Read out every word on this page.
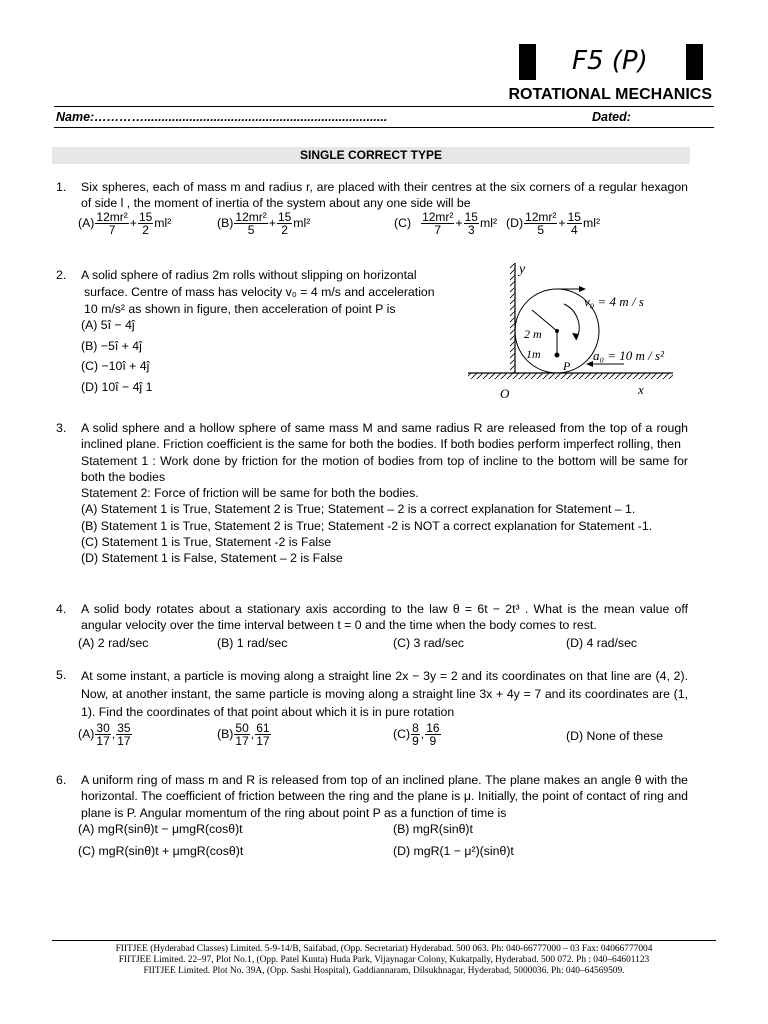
F5 (P)
ROTATIONAL MECHANICS
Name:…………......................................................................	Dated:
SINGLE CORRECT TYPE
1. Six spheres, each of mass m and radius r, are placed with their centres at the six corners of a regular hexagon of side l , the moment of inertia of the system about any one side will be
$(A) \frac{\text{12mr²}}{7} + \frac{15}{2} ml^2$	$(B) \frac{\text{12mr²}}{5} + \frac{15}{2} ml^2$	$(C) \frac{\text{12mr²}}{7} + \frac{15}{3} ml^2$ $(D) \frac{\text{12mr²}}{5} + \frac{15}{4} ml^2$
2. A solid sphere of radius 2m rolls without slipping on horizontal
surface. Centre of mass has velocity v₀ = 4 m/s and acceleration
10 m/s² as shown in figure, then acceleration of point P is
(A) 5î − 4ĵ
(B) −5î + 4ĵ
(C) −10î + 4ĵ
(D) 10î − 4ĵ 1
y
x
O
2 m
1m
P
v₀ = 4 m / s
a₀ = 10 m / s²
3. A solid sphere and a hollow sphere of same mass M and same radius R are released from the top of a rough inclined plane. Friction coefficient is the same for both the bodies. If both bodies perform imperfect rolling, then
Statement 1 : Work done by friction for the motion of bodies from top of incline to the bottom will be same for both the bodies
Statement 2: Force of friction will be same for both the bodies.
(A) Statement 1 is True, Statement 2 is True; Statement – 2 is a correct explanation for Statement – 1.
(B) Statement 1 is True, Statement 2 is True; Statement -2 is NOT a correct explanation for Statement -1.
(C) Statement 1 is True, Statement -2 is False
(D) Statement 1 is False, Statement – 2 is False
4. A solid body rotates about a stationary axis according to the law θ = 6t − 2t³ . What is the mean value off angular velocity over the time interval between t = 0 and the time when the body comes to rest.
(A) 2 rad/sec	(B) 1 rad/sec	(C) 3 rad/sec	(D) 4 rad/sec
5. At some instant, a particle is moving along a straight line 2x − 3y = 2 and its coordinates on that line are (4, 2). Now, at another instant, the same particle is moving along a straight line 3x + 4y = 7 and its coordinates are (1, 1). Find the coordinates of that point about which it is in pure rotation
$(A) \frac{30}{17}$ , $\frac{35}{17}$	$(B) \frac{50}{17}$ , $\frac{61}{17}$	$(C) \frac{8}{9}$ , $\frac{16}{9}$	(D) None of these
6. A uniform ring of mass m and R is released from top of an inclined plane. The plane makes an angle θ with the horizontal. The coefficient of friction between the ring and the plane is μ. Initially, the point of contact of ring and plane is P. Angular momentum of the ring about point P as a function of time is
(A) mgR(sinθ)t − μmgR(cosθ)t	(B) mgR(sinθ)t
(C) mgR(sinθ)t + μmgR(cosθ)t	(D) mgR(1 − μ²)(sinθ)t
FIITJEE (Hyderabad Classes) Limited. 5-9-14/B, Saifabad, (Opp. Secretariat) Hyderabad. 500 063. Ph: 040-66777000 – 03 Fax: 04066777004
FIITJEE Limited. 22–97, Plot No.1, (Opp. Patel Kunta) Huda Park, Vijaynagar Colony, Kukatpally, Hyderabad. 500 072. Ph : 040–64601123
FIITJEE Limited. Plot No. 39A, (Opp. Sashi Hospital), Gaddiannaram, Dilsukhnagar, Hyderabad, 5000036. Ph: 040–64569509.
